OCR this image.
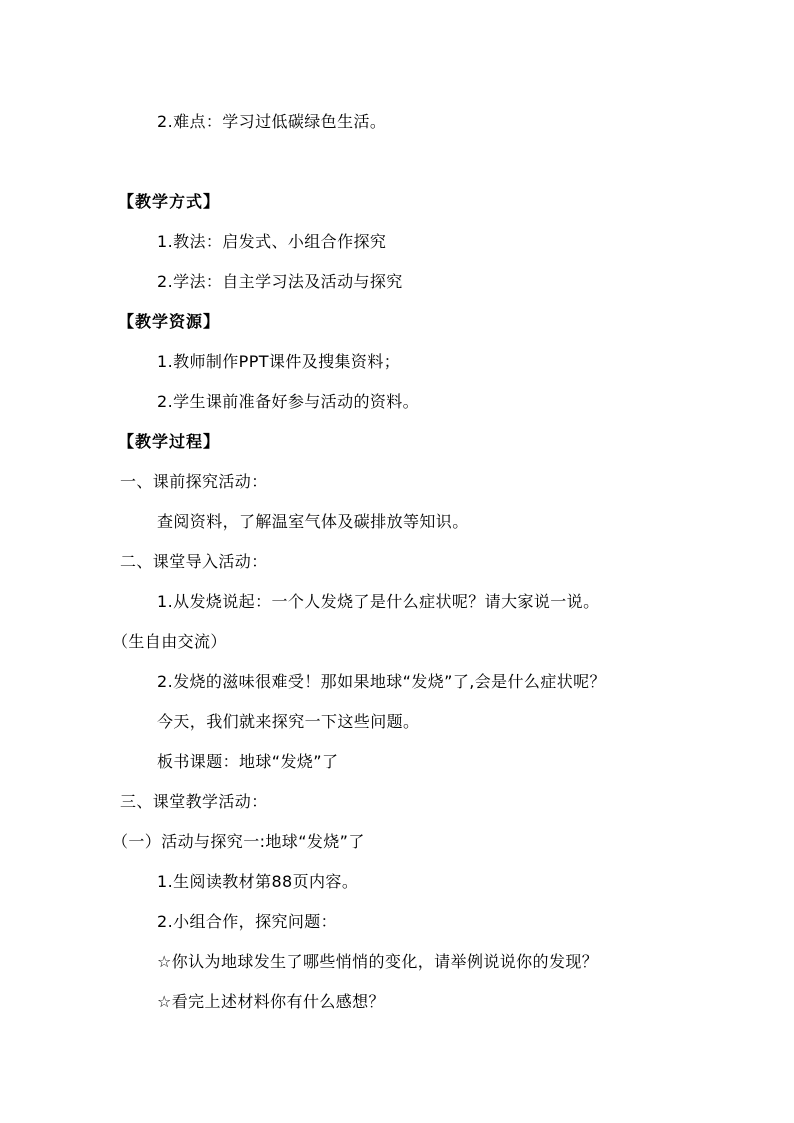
2.难点：学习过低碳绿色生活。
【教学方式】
1.教法：启发式、小组合作探究
2.学法：自主学习法及活动与探究
【教学资源】
1.教师制作PPT课件及搜集资料；
2.学生课前准备好参与活动的资料。
【教学过程】
一、课前探究活动：
查阅资料，了解温室气体及碳排放等知识。
二、课堂导入活动：
1.从发烧说起：一个人发烧了是什么症状呢？请大家说一说。
（生自由交流）
2.发烧的滋味很难受！那如果地球“发烧”了,会是什么症状呢？
今天，我们就来探究一下这些问题。
板书课题：地球“发烧”了
三、课堂教学活动：
（一）活动与探究一:地球“发烧”了
1.生阅读教材第88页内容。
2.小组合作，探究问题：
☆你认为地球发生了哪些悄悄的变化，请举例说说你的发现？
☆看完上述材料你有什么感想？
